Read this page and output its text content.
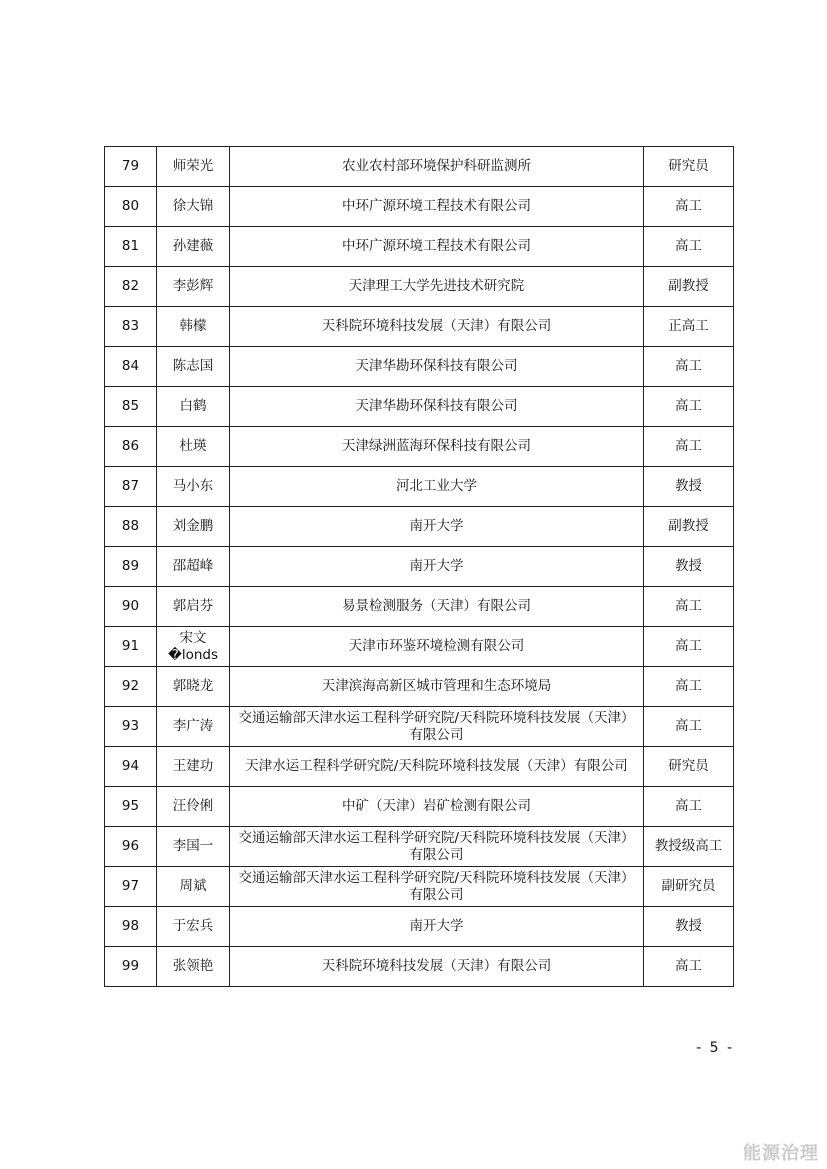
79	师荣光	农业农村部环境保护科研监测所	研究员
80	徐大锦	中环广源环境工程技术有限公司	高工
81	孙建薇	中环广源环境工程技术有限公司	高工
82	李彭辉	天津理工大学先进技术研究院	副教授
83	韩檬	天科院环境科技发展（天津）有限公司	正高工
84	陈志国	天津华勘环保科技有限公司	高工
85	白鹤	天津华勘环保科技有限公司	高工
86	杜瑛	天津绿洲蓝海环保科技有限公司	高工
87	马小东	河北工业大学	教授
88	刘金鹏	南开大学	副教授
89	邵超峰	南开大学	教授
90	郭启芬	易景检测服务（天津）有限公司	高工
91	宋文�londs	天津市环鉴环境检测有限公司	高工
92	郭晓龙	天津滨海高新区城市管理和生态环境局	高工
93	李广涛	交通运输部天津水运工程科学研究院/天科院环境科技发展（天津）有限公司	高工
94	王建功	天津水运工程科学研究院/天科院环境科技发展（天津）有限公司	研究员
95	汪伶俐	中矿（天津）岩矿检测有限公司	高工
96	李国一	交通运输部天津水运工程科学研究院/天科院环境科技发展（天津）有限公司	教授级高工
97	周斌	交通运输部天津水运工程科学研究院/天科院环境科技发展（天津）有限公司	副研究员
98	于宏兵	南开大学	教授
99	张领艳	天科院环境科技发展（天津）有限公司	高工
- 5 -
能源治理
